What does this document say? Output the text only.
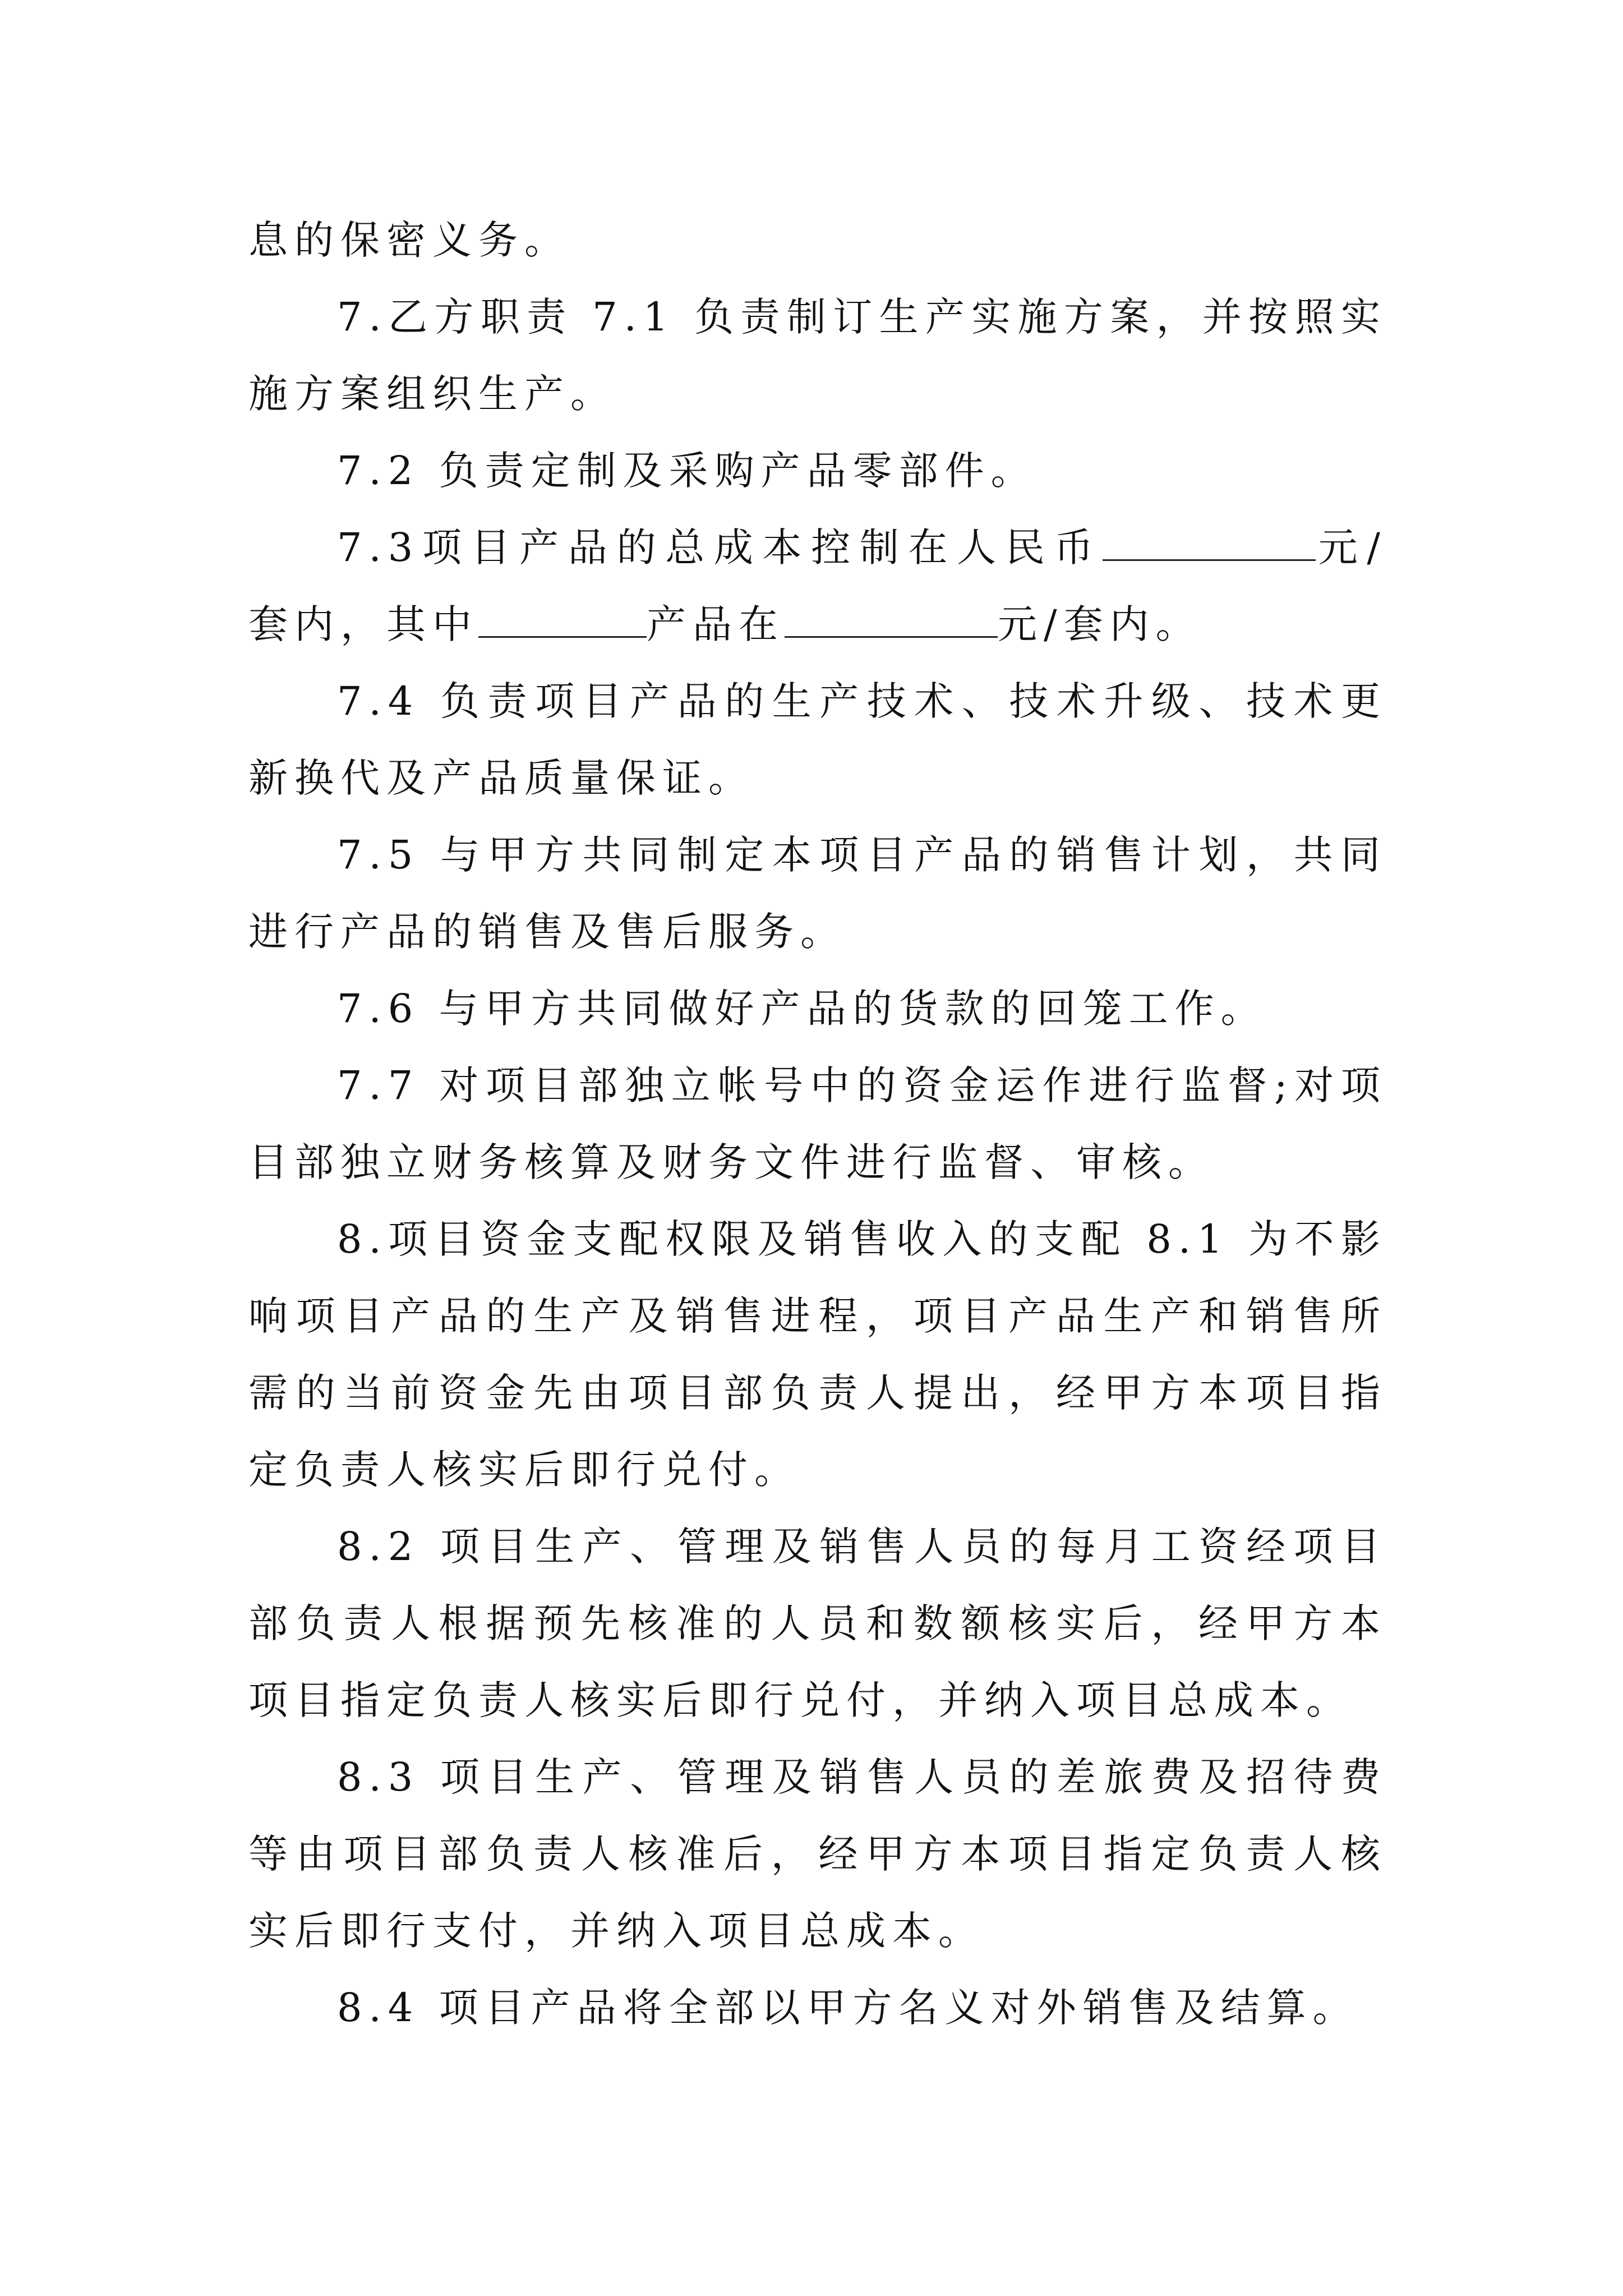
息的保密义务。

7.乙方职责 7.1 负责制订生产实施方案，并按照实施方案组织生产。

7.2 负责定制及采购产品零部件。

7.3项目产品的总成本控制在人民币	元/套内，其中	产品在	元/套内。

7.4 负责项目产品的生产技术、技术升级、技术更新换代及产品质量保证。

7.5 与甲方共同制定本项目产品的销售计划，共同进行产品的销售及售后服务。

7.6 与甲方共同做好产品的货款的回笼工作。

7.7 对项目部独立帐号中的资金运作进行监督;对项目部独立财务核算及财务文件进行监督、审核。

8.项目资金支配权限及销售收入的支配 8.1 为不影响项目产品的生产及销售进程，项目产品生产和销售所需的当前资金先由项目部负责人提出，经甲方本项目指定负责人核实后即行兑付。

8.2 项目生产、管理及销售人员的每月工资经项目部负责人根据预先核准的人员和数额核实后，经甲方本项目指定负责人核实后即行兑付，并纳入项目总成本。

8.3 项目生产、管理及销售人员的差旅费及招待费等由项目部负责人核准后，经甲方本项目指定负责人核实后即行支付，并纳入项目总成本。

8.4 项目产品将全部以甲方名义对外销售及结算。
